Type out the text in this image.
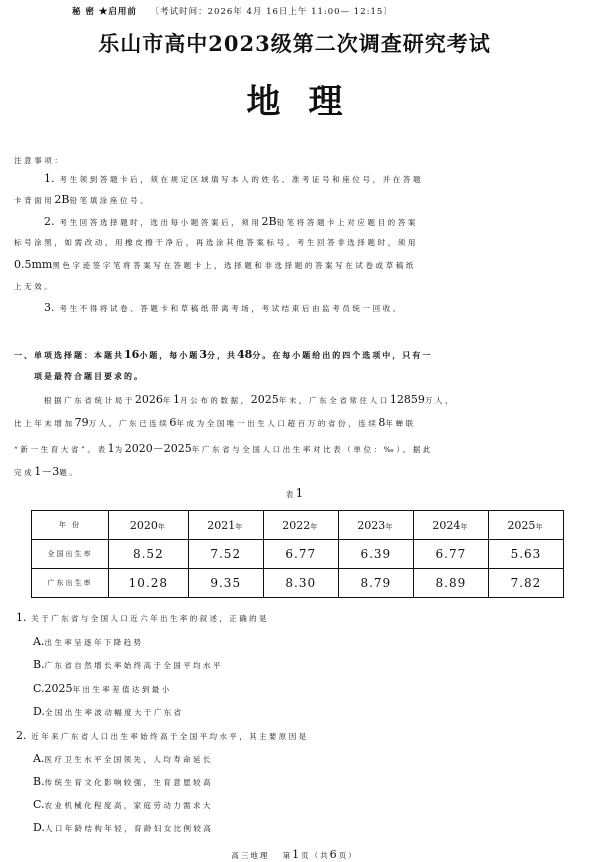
秘 密 ★启用前 〔考试时间：2026年 4月 16日上午 11:00— 12:15〕
乐山市高中2023级第二次调查研究考试
地理
注意事项：
1. 考生领到答题卡后，须在规定区域填写本人的姓名、准考证号和座位号，并在答题
卡背面用2B铅笔填涂座位号。
2. 考生回答选择题时，选出每小题答案后，须用2B铅笔将答题卡上对应题目的答案
标号涂黑，如需改动，用橡皮擦干净后，再选涂其他答案标号。考生回答非选择题时，须用
0.5mm黑色字迹签字笔将答案写在答题卡上，选择题和非选择题的答案写在试卷或草稿纸
上无效。
3. 考生不得将试卷、答题卡和草稿纸带离考场，考试结束后由监考员统一回收。
一、单项选择题：本题共16小题，每小题3分，共48分。在每小题给出的四个选项中，只有一
项是最符合题目要求的。
根据广东省统计局于2026年1月公布的数据，2025年末，广东全省常住人口12859万人，
比上年末增加79万人。广东已连续6年成为全国唯一出生人口超百万的省份，连续8年蝉联
“新一生育大省”。表1为2020－2025年广东省与全国人口出生率对比表（单位：‰）。据此
完成1－3题。
表 1
年 份	2020年	2021年	2022年	2023年	2024年	2025年
全国出生率	8.52	7.52	6.77	6.39	6.77	5.63
广东出生率	10.28	9.35	8.30	8.79	8.89	7.82
1. 关于广东省与全国人口近六年出生率的叙述，正确的是
A.出生率呈逐年下降趋势
B.广东省自然增长率始终高于全国平均水平
C.2025年出生率差值达到最小
D.全国出生率波动幅度大于广东省
2. 近年来广东省人口出生率始终高于全国平均水平，其主要原因是
A.医疗卫生水平全国领先，人均寿命延长
B.传统生育文化影响较强，生育意愿较高
C.农业机械化程度高，家庭劳动力需求大
D.人口年龄结构年轻，育龄妇女比例较高
高三地理 第1页（共6页）
